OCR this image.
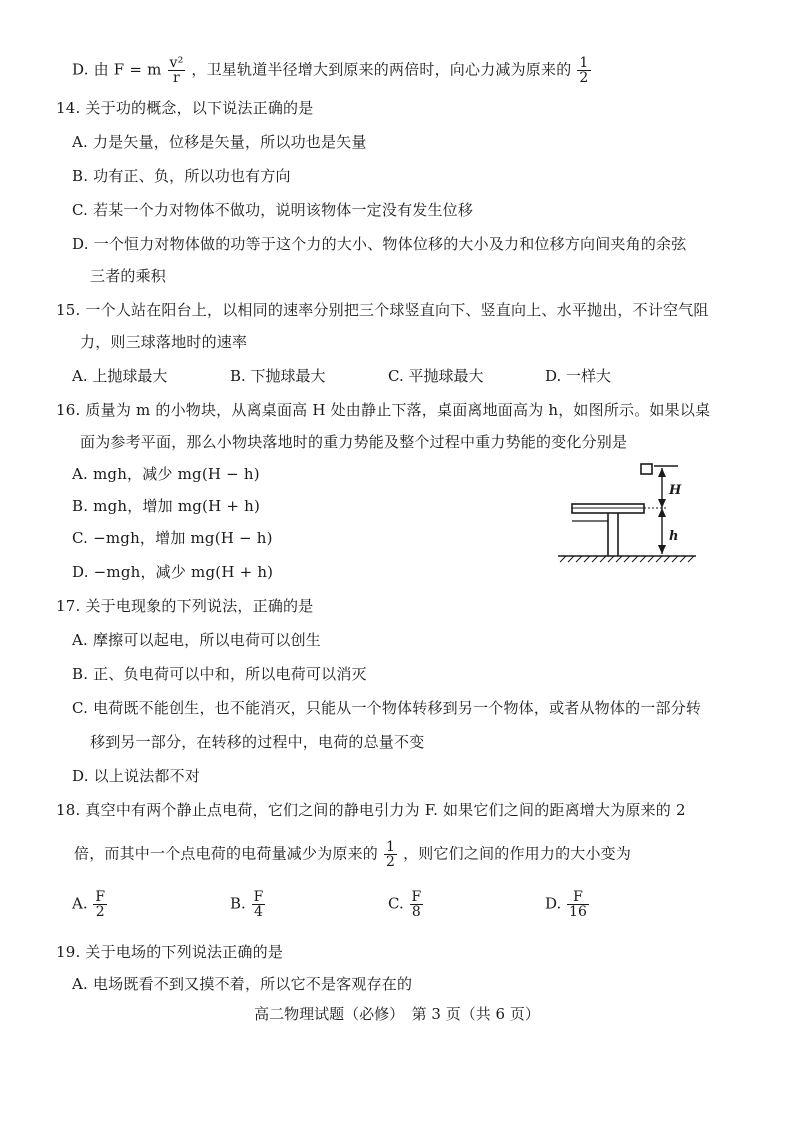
D. 由 F = m $\frac{\text{v²}}{r}$ ，卫星轨道半径增大到原来的两倍时，向心力减为原来的 $\frac{1}{2}$
14. 关于功的概念，以下说法正确的是
A. 力是矢量，位移是矢量，所以功也是矢量
B. 功有正、负，所以功也有方向
C. 若某一个力对物体不做功，说明该物体一定没有发生位移
D. 一个恒力对物体做的功等于这个力的大小、物体位移的大小及力和位移方向间夹角的余弦
三者的乘积
15. 一个人站在阳台上，以相同的速率分别把三个球竖直向下、竖直向上、水平抛出，不计空气阻
力，则三球落地时的速率
A. 上抛球最大	B. 下抛球最大	C. 平抛球最大	D. 一样大
16. 质量为 m 的小物块，从离桌面高 H 处由静止下落，桌面离地面高为 h，如图所示。如果以桌
面为参考平面，那么小物块落地时的重力势能及整个过程中重力势能的变化分别是
A. mgh，减少 mg(H − h)
B. mgh，增加 mg(H + h)
C. −mgh，增加 mg(H − h)
D. −mgh，减少 mg(H + h)
H
h
17. 关于电现象的下列说法，正确的是
A. 摩擦可以起电，所以电荷可以创生
B. 正、负电荷可以中和，所以电荷可以消灭
C. 电荷既不能创生，也不能消灭，只能从一个物体转移到另一个物体，或者从物体的一部分转
移到另一部分，在转移的过程中，电荷的总量不变
D. 以上说法都不对
18. 真空中有两个静止点电荷，它们之间的静电引力为 F. 如果它们之间的距离增大为原来的 2
倍，而其中一个点电荷的电荷量减少为原来的 $\frac{1}{2}$ ，则它们之间的作用力的大小变为
A. $\frac{F}{2}$	B. $\frac{F}{4}$	C. $\frac{F}{8}$	D. $\frac{F}{16}$
19. 关于电场的下列说法正确的是
A. 电场既看不到又摸不着，所以它不是客观存在的
高二物理试题（必修）　第 3 页（共 6 页）
